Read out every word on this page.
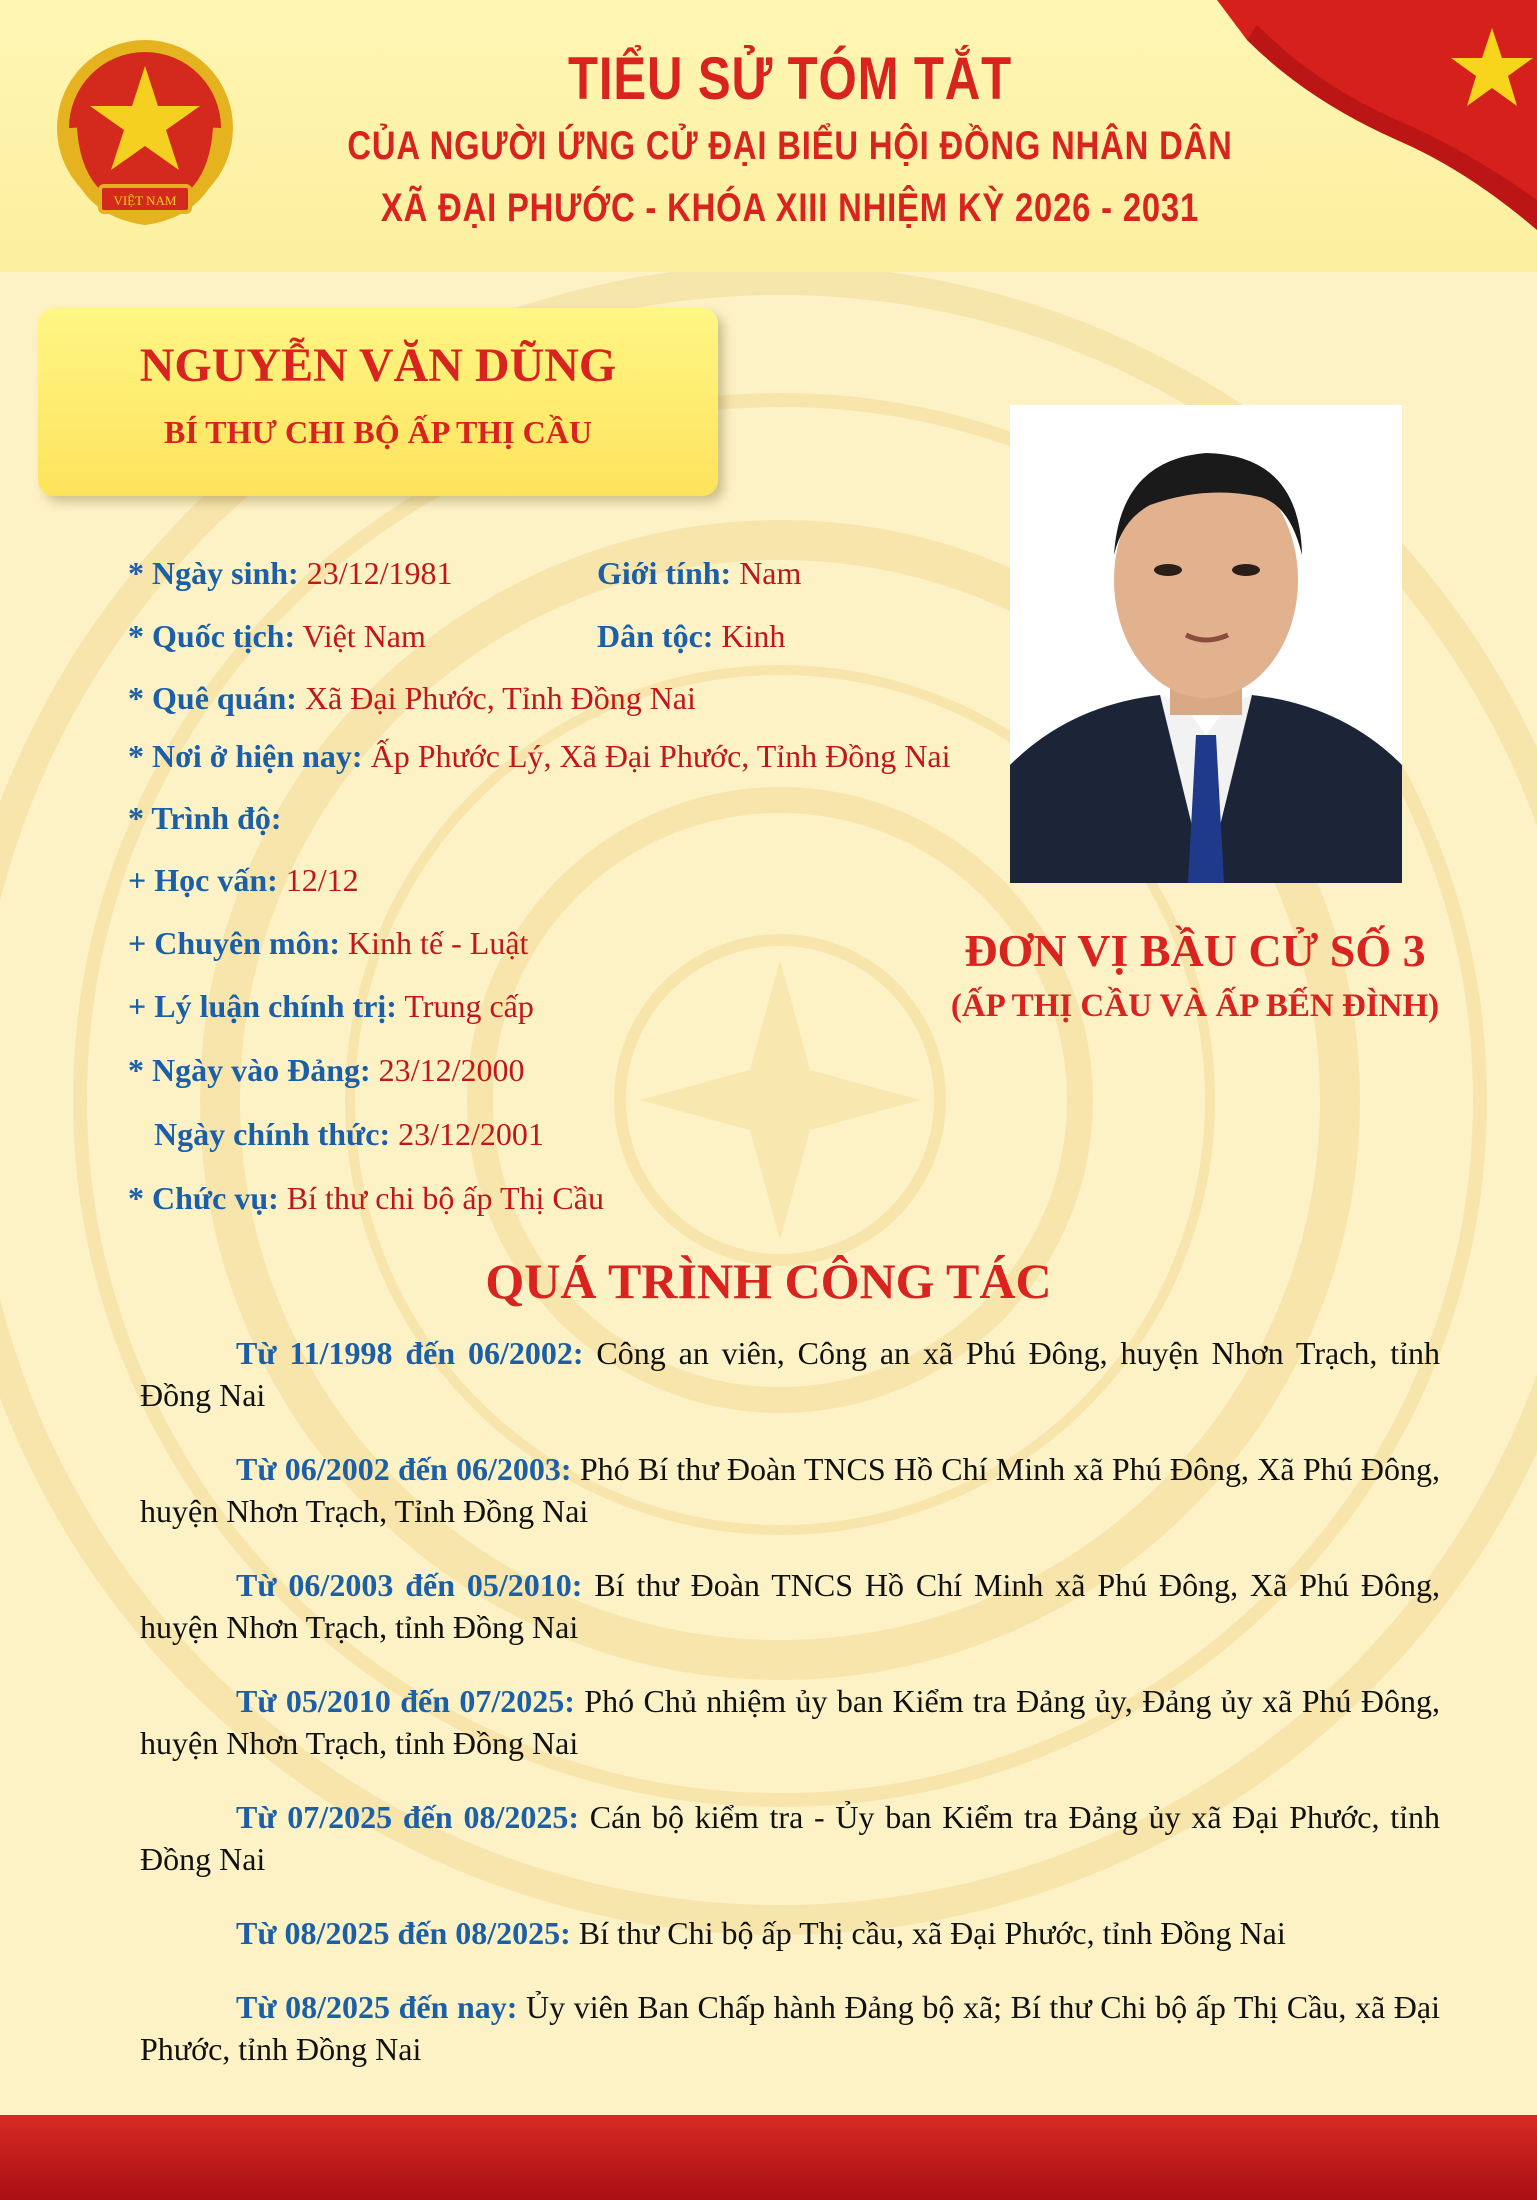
VIỆT NAM
TIỂU SỬ TÓM TẮT
CỦA NGƯỜI ỨNG CỬ ĐẠI BIỂU HỘI ĐỒNG NHÂN DÂN
XÃ ĐẠI PHƯỚC - KHÓA XIII NHIỆM KỲ 2026 - 2031
NGUYỄN VĂN DŨNG
BÍ THƯ CHI BỘ ẤP THỊ CẦU
ĐƠN VỊ BẦU CỬ SỐ 3
(ẤP THỊ CẦU VÀ ẤP BẾN ĐÌNH)
* Ngày sinh: 23/12/1981	Giới tính: Nam
* Quốc tịch: Việt Nam	Dân tộc: Kinh
* Quê quán: Xã Đại Phước, Tỉnh Đồng Nai
* Nơi ở hiện nay: Ấp Phước Lý, Xã Đại Phước, Tỉnh Đồng Nai
* Trình độ:
+ Học vấn: 12/12
+ Chuyên môn: Kinh tế - Luật
+ Lý luận chính trị: Trung cấp
* Ngày vào Đảng: 23/12/2000
Ngày chính thức: 23/12/2001
* Chức vụ: Bí thư chi bộ ấp Thị Cầu
QUÁ TRÌNH CÔNG TÁC

Từ 11/1998 đến 06/2002: Công an viên, Công an xã Phú Đông, huyện Nhơn Trạch, tỉnh Đồng Nai

Từ 06/2002 đến 06/2003: Phó Bí thư Đoàn TNCS Hồ Chí Minh xã Phú Đông, Xã Phú Đông, huyện Nhơn Trạch, Tỉnh Đồng Nai

Từ 06/2003 đến 05/2010: Bí thư Đoàn TNCS Hồ Chí Minh xã Phú Đông, Xã Phú Đông, huyện Nhơn Trạch, tỉnh Đồng Nai

Từ 05/2010 đến 07/2025: Phó Chủ nhiệm ủy ban Kiểm tra Đảng ủy, Đảng ủy xã Phú Đông, huyện Nhơn Trạch, tỉnh Đồng Nai

Từ 07/2025 đến 08/2025: Cán bộ kiểm tra - Ủy ban Kiểm tra Đảng ủy xã Đại Phước, tỉnh Đồng Nai

Từ 08/2025 đến 08/2025: Bí thư Chi bộ ấp Thị cầu, xã Đại Phước, tỉnh Đồng Nai

Từ 08/2025 đến nay: Ủy viên Ban Chấp hành Đảng bộ xã; Bí thư Chi bộ ấp Thị Cầu, xã Đại Phước, tỉnh Đồng Nai
